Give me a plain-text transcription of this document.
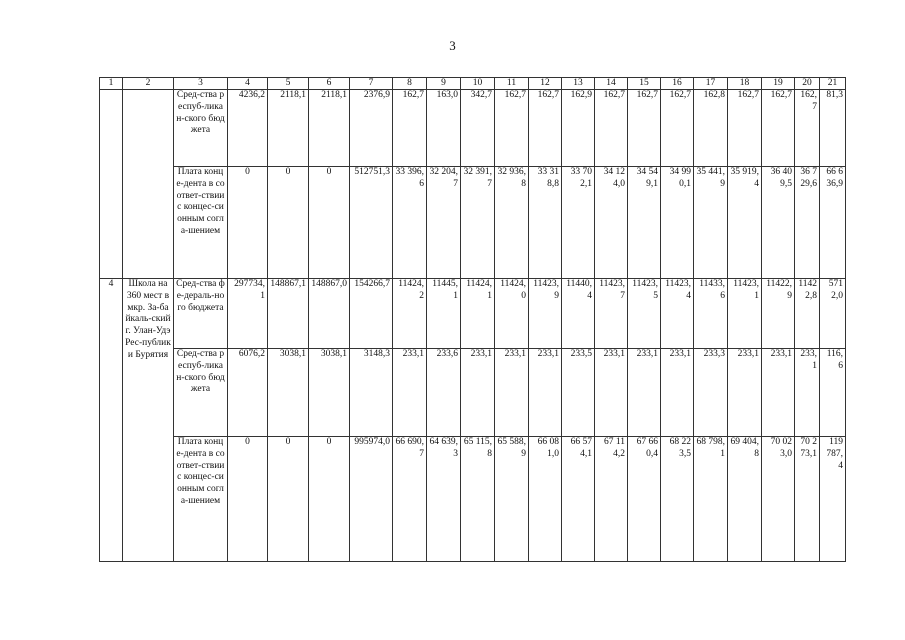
3
1	2	3	4	5	6	7	8	9	10	11	12	13	14	15	16	17	18	19	20	21
		Сред-ства респуб-ликан-ского бюджета	4236,2	2118,1	2118,1	2376,9	162,7	163,0	342,7	162,7	162,7	162,9	162,7	162,7	162,7	162,8	162,7	162,7	162,7	81,3
		Плата конце-дента в соответ-ствии с концес-сионным согла-шением	0	0	0	512751,3	33 396,6	32 204,7	32 391,7	32 936,8	33 318,8	33 702,1	34 124,0	34 549,1	34 990,1	35 441,9	35 919,4	36 409,5	36 729,6	66 636,9
4	Школа на 360 мест в мкр. За-байкаль-ский г. Улан-Удэ Рес-публики Бурятия	Сред-ства фе-дераль-ного бюджета	297734,1	148867,1	148867,0	154266,7	11424,2	11445,1	11424,1	11424,0	11423,9	11440,4	11423,7	11423,5	11423,4	11433,6	11423,1	11422,9	11422,8	5712,0
		Сред-ства респуб-ликан-ского бюджета	6076,2	3038,1	3038,1	3148,3	233,1	233,6	233,1	233,1	233,1	233,5	233,1	233,1	233,1	233,3	233,1	233,1	233,1	116,6
		Плата конце-дента в соответ-ствии с концес-сионным согла-шением	0	0	0	995974,0	66 690,7	64 639,3	65 115,8	65 588,9	66 081,0	66 574,1	67 114,2	67 660,4	68 223,5	68 798,1	69 404,8	70 023,0	70 273,1	119 787,4
